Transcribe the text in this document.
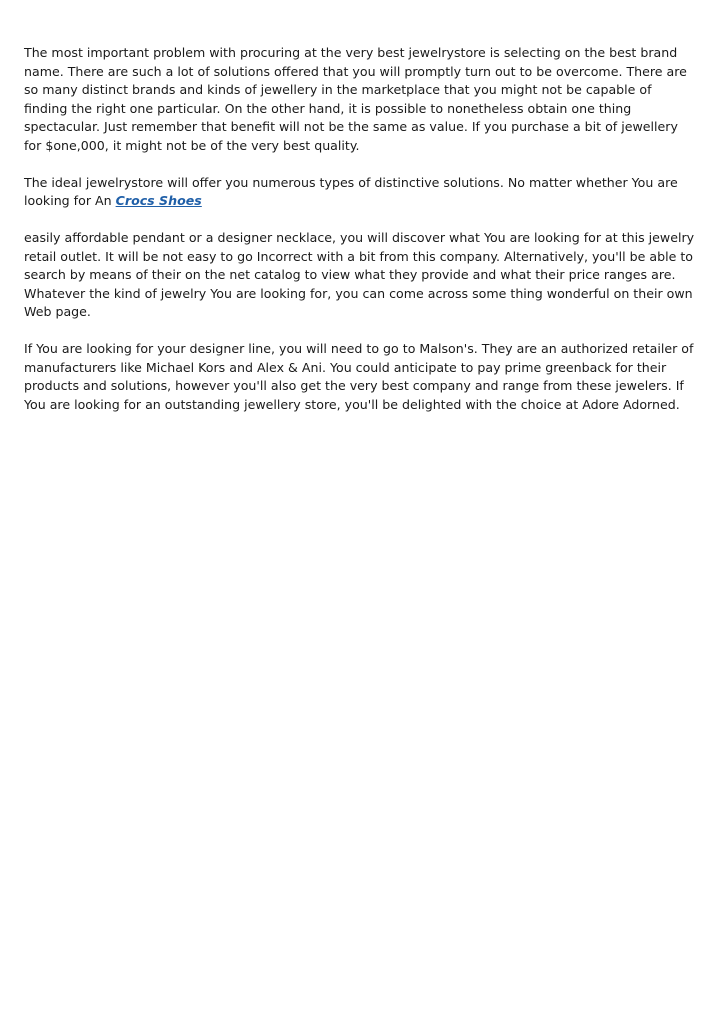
The most important problem with procuring at the very best jewelrystore is selecting on the best brand name. There are such a lot of solutions offered that you will promptly turn out to be overcome. There are so many distinct brands and kinds of jewellery in the marketplace that you might not be capable of finding the right one particular. On the other hand, it is possible to nonetheless obtain one thing spectacular. Just remember that benefit will not be the same as value. If you purchase a bit of jewellery for $one,000, it might not be of the very best quality.

The ideal jewelrystore will offer you numerous types of distinctive solutions. No matter whether You are looking for An Crocs Shoes

easily affordable pendant or a designer necklace, you will discover what You are looking for at this jewelry retail outlet. It will be not easy to go Incorrect with a bit from this company. Alternatively, you'll be able to search by means of their on the net catalog to view what they provide and what their price ranges are. Whatever the kind of jewelry You are looking for, you can come across some thing wonderful on their own Web page.

If You are looking for your designer line, you will need to go to Malson's. They are an authorized retailer of manufacturers like Michael Kors and Alex & Ani. You could anticipate to pay prime greenback for their products and solutions, however you'll also get the very best company and range from these jewelers. If You are looking for an outstanding jewellery store, you'll be delighted with the choice at Adore Adorned.
